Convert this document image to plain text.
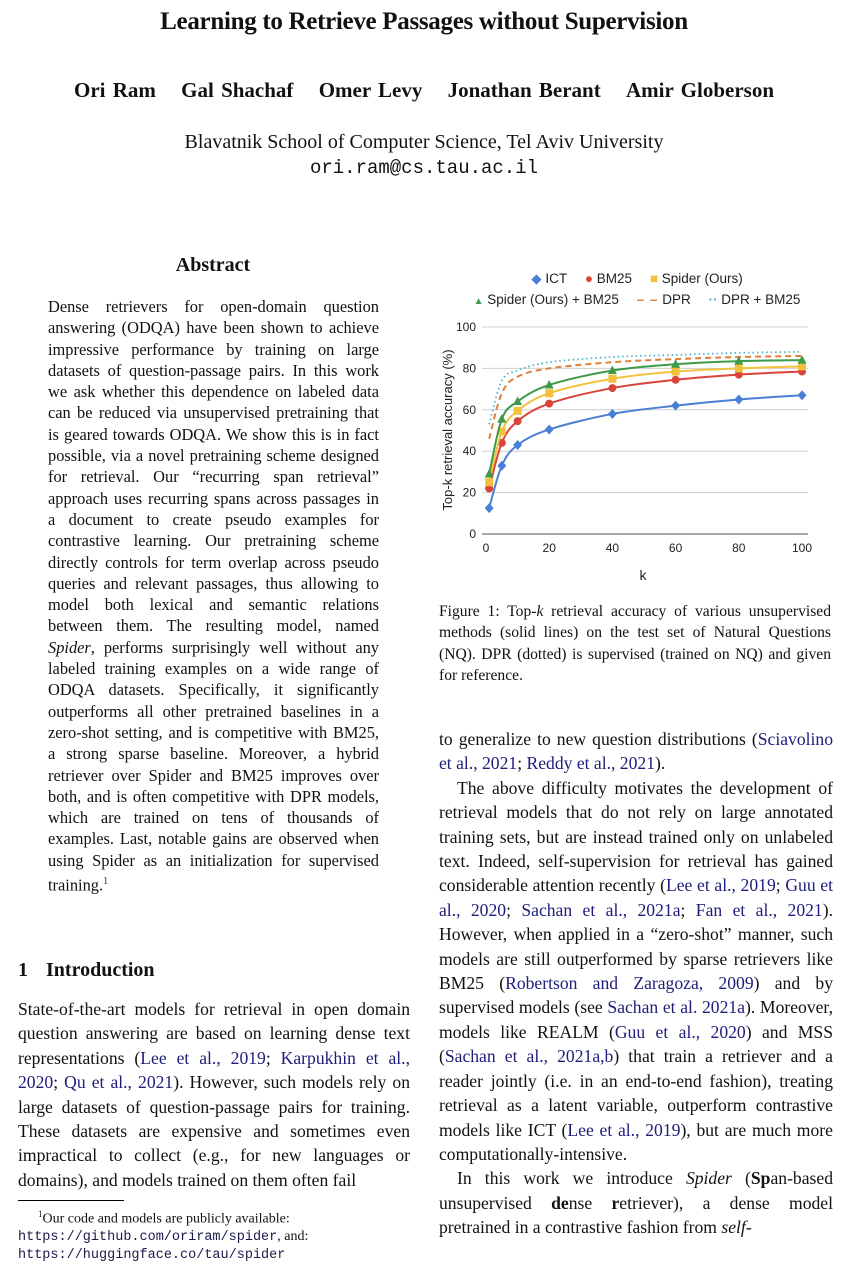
Learning to Retrieve Passages without Supervision
Ori Ram Gal Shachaf Omer Levy Jonathan Berant Amir Globerson
Blavatnik School of Computer Science, Tel Aviv University
ori.ram@cs.tau.ac.il
Abstract
Dense retrievers for open-domain question answering (ODQA) have been shown to achieve impressive performance by training on large datasets of question-passage pairs. In this work we ask whether this dependence on labeled data can be reduced via unsupervised pretraining that is geared towards ODQA. We show this is in fact possible, via a novel pretraining scheme designed for retrieval. Our “recurring span retrieval” approach uses recurring spans across passages in a document to create pseudo examples for contrastive learning. Our pretraining scheme directly controls for term overlap across pseudo queries and relevant passages, thus allowing to model both lexical and semantic relations between them. The resulting model, named Spider, performs surprisingly well without any labeled training examples on a wide range of ODQA datasets. Specifically, it significantly outperforms all other pretrained baselines in a zero-shot setting, and is competitive with BM25, a strong sparse baseline. Moreover, a hybrid retriever over Spider and BM25 improves over both, and is often competitive with DPR models, which are trained on tens of thousands of examples. Last, notable gains are observed when using Spider as an initialization for supervised training.$^1$
1 Introduction
State-of-the-art models for retrieval in open domain question answering are based on learning dense text representations (Lee et al., 2019; Karpukhin et al., 2020; Qu et al., 2021). However, such models rely on large datasets of question-passage pairs for training. These datasets are expensive and sometimes even impractical to collect (e.g., for new languages or domains), and models trained on them often fail
$^1$Our code and models are publicly available:
https://github.com/oriram/spider, and:
https://huggingface.co/tau/spider
◆ ICT ● BM25 ■ Spider (Ours)
▲ Spider (Ours) + BM25 – – DPR ·· DPR + BM25
0
20
40
60
80
100
0	20	40	60	80	100
Top-k retrieval accuracy (%)
k
Figure 1: Top-k retrieval accuracy of various unsupervised methods (solid lines) on the test set of Natural Questions (NQ). DPR (dotted) is supervised (trained on NQ) and given for reference.

to generalize to new question distributions (Sciavolino et al., 2021; Reddy et al., 2021).

The above difficulty motivates the development of retrieval models that do not rely on large annotated training sets, but are instead trained only on unlabeled text. Indeed, self-supervision for retrieval has gained considerable attention recently (Lee et al., 2019; Guu et al., 2020; Sachan et al., 2021a; Fan et al., 2021). However, when applied in a “zero-shot” manner, such models are still outperformed by sparse retrievers like BM25 (Robertson and Zaragoza, 2009) and by supervised models (see Sachan et al. 2021a). Moreover, models like REALM (Guu et al., 2020) and MSS (Sachan et al., 2021a,b) that train a retriever and a reader jointly (i.e. in an end-to-end fashion), treating retrieval as a latent variable, outperform contrastive models like ICT (Lee et al., 2019), but are much more computationally-intensive.

In this work we introduce Spider (Span-based unsupervised dense retriever), a dense model pretrained in a contrastive fashion from self-
